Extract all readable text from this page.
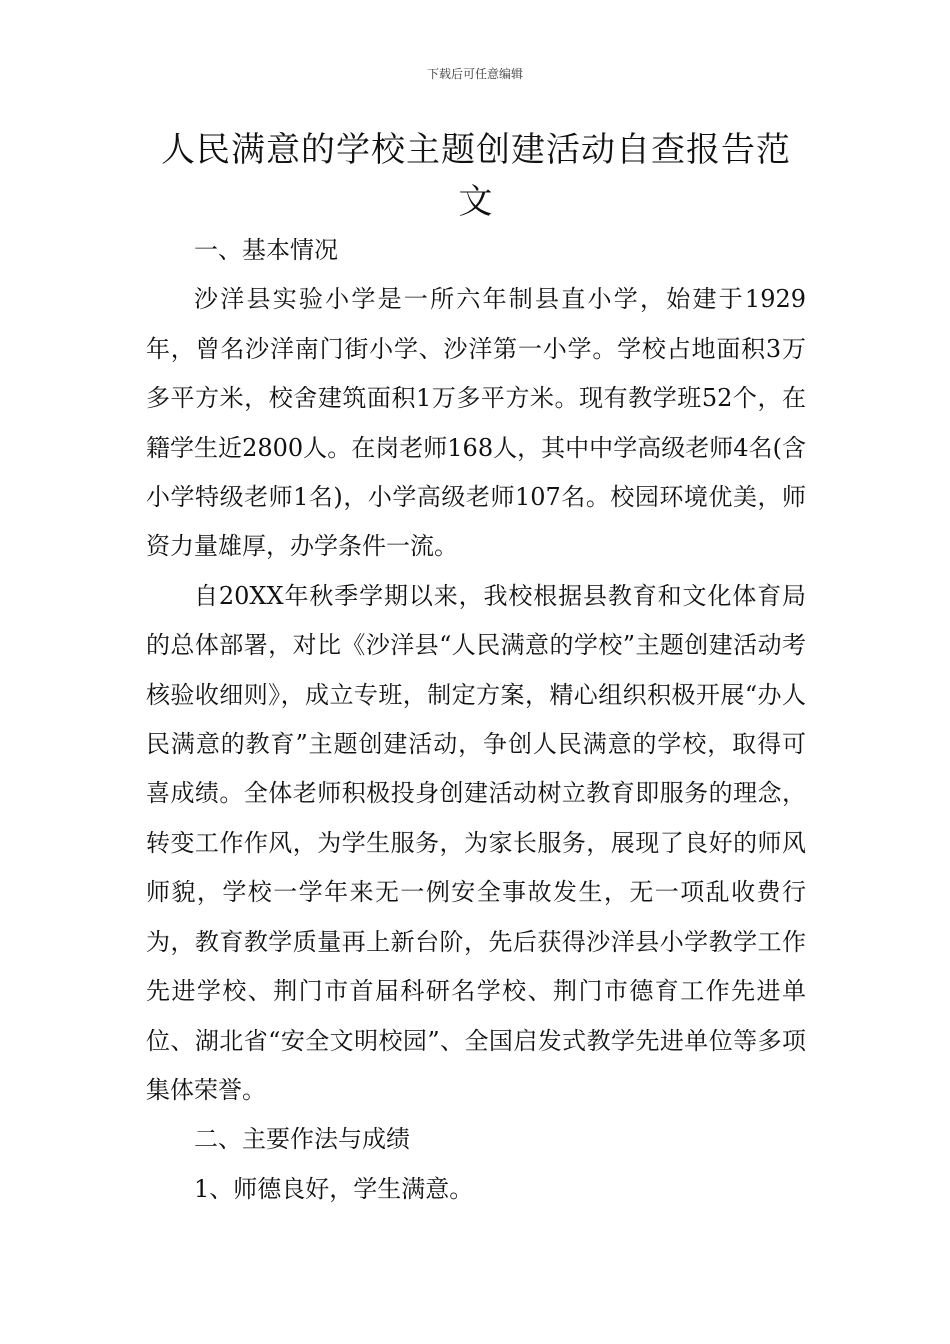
下载后可任意编辑
人民满意的学校主题创建活动自查报告范文

一、基本情况

沙洋县实验小学是一所六年制县直小学，始建于1929年，曾名沙洋南门街小学、沙洋第一小学。学校占地面积3万多平方米，校舍建筑面积1万多平方米。现有教学班52个，在籍学生近2800人。在岗老师168人，其中中学高级老师4名(含小学特级老师1名)，小学高级老师107名。校园环境优美，师资力量雄厚，办学条件一流。

自20XX年秋季学期以来，我校根据县教育和文化体育局的总体部署，对比《沙洋县“人民满意的学校”主题创建活动考核验收细则》，成立专班，制定方案，精心组织积极开展“办人民满意的教育”主题创建活动，争创人民满意的学校，取得可喜成绩。全体老师积极投身创建活动树立教育即服务的理念，转变工作作风，为学生服务，为家长服务，展现了良好的师风师貌，学校一学年来无一例安全事故发生，无一项乱收费行为，教育教学质量再上新台阶，先后获得沙洋县小学教学工作先进学校、荆门市首届科研名学校、荆门市德育工作先进单位、湖北省“安全文明校园”、全国启发式教学先进单位等多项集体荣誉。

二、主要作法与成绩

1、师德良好，学生满意。
